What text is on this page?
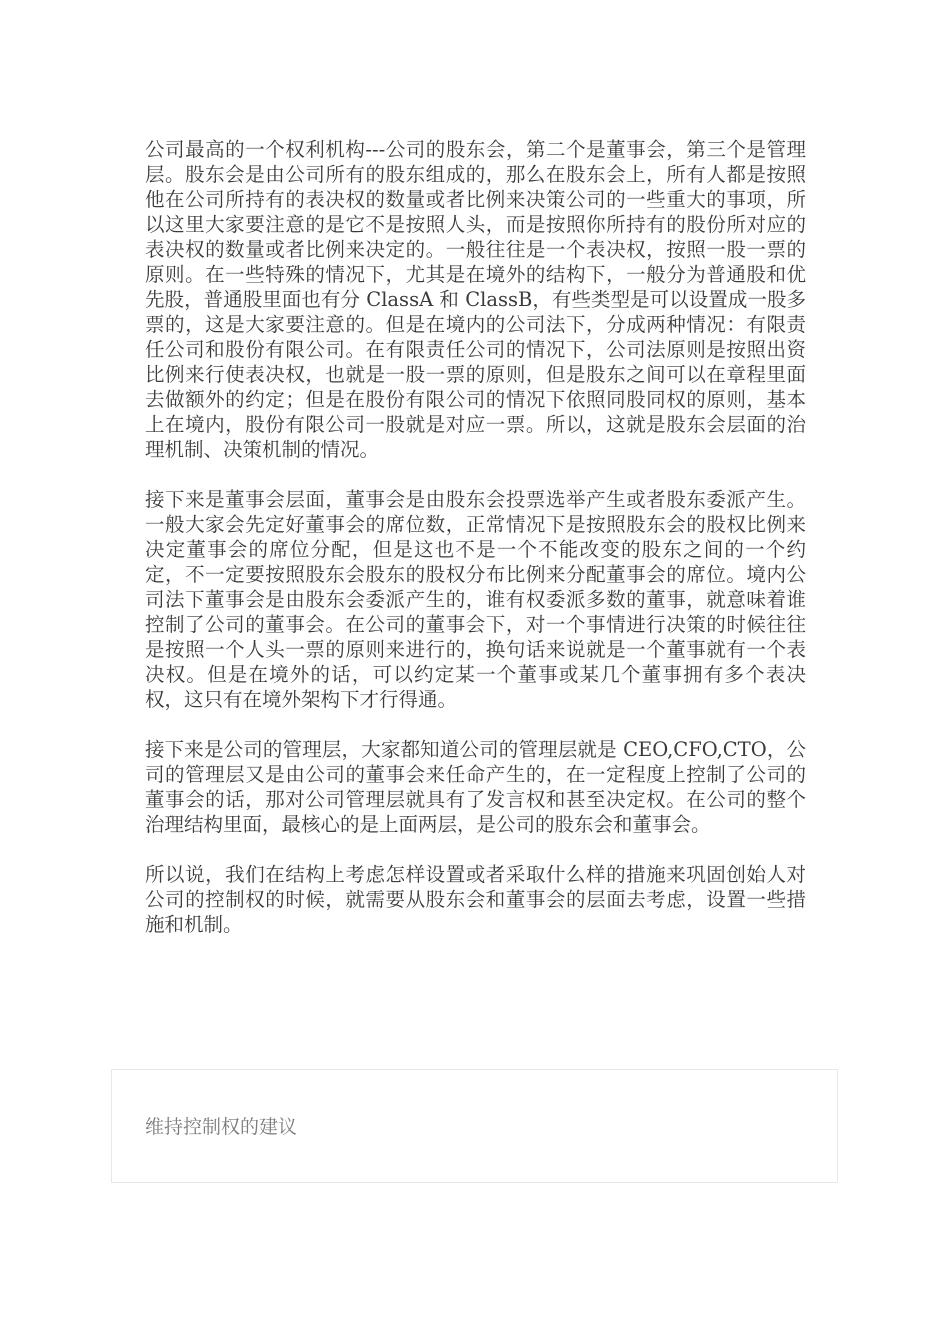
公司最高的一个权利机构---公司的股东会，第二个是董事会，第三个是管理层。股东会是由公司所有的股东组成的，那么在股东会上，所有人都是按照他在公司所持有的表决权的数量或者比例来决策公司的一些重大的事项，所以这里大家要注意的是它不是按照人头，而是按照你所持有的股份所对应的表决权的数量或者比例来决定的。一般往往是一个表决权，按照一股一票的原则。在一些特殊的情况下，尤其是在境外的结构下，一般分为普通股和优先股，普通股里面也有分 ClassA 和 ClassB，有些类型是可以设置成一股多票的，这是大家要注意的。但是在境内的公司法下，分成两种情况：有限责任公司和股份有限公司。在有限责任公司的情况下，公司法原则是按照出资比例来行使表决权，也就是一股一票的原则，但是股东之间可以在章程里面去做额外的约定；但是在股份有限公司的情况下依照同股同权的原则，基本上在境内，股份有限公司一股就是对应一票。所以，这就是股东会层面的治理机制、决策机制的情况。

接下来是董事会层面，董事会是由股东会投票选举产生或者股东委派产生。一般大家会先定好董事会的席位数，正常情况下是按照股东会的股权比例来决定董事会的席位分配，但是这也不是一个不能改变的股东之间的一个约定，不一定要按照股东会股东的股权分布比例来分配董事会的席位。境内公司法下董事会是由股东会委派产生的，谁有权委派多数的董事，就意味着谁控制了公司的董事会。在公司的董事会下，对一个事情进行决策的时候往往是按照一个人头一票的原则来进行的，换句话来说就是一个董事就有一个表决权。但是在境外的话，可以约定某一个董事或某几个董事拥有多个表决权，这只有在境外架构下才行得通。

接下来是公司的管理层，大家都知道公司的管理层就是 CEO,CFO,CTO，公司的管理层又是由公司的董事会来任命产生的，在一定程度上控制了公司的董事会的话，那对公司管理层就具有了发言权和甚至决定权。在公司的整个治理结构里面，最核心的是上面两层，是公司的股东会和董事会。

所以说，我们在结构上考虑怎样设置或者采取什么样的措施来巩固创始人对公司的控制权的时候，就需要从股东会和董事会的层面去考虑，设置一些措施和机制。

维持控制权的建议
